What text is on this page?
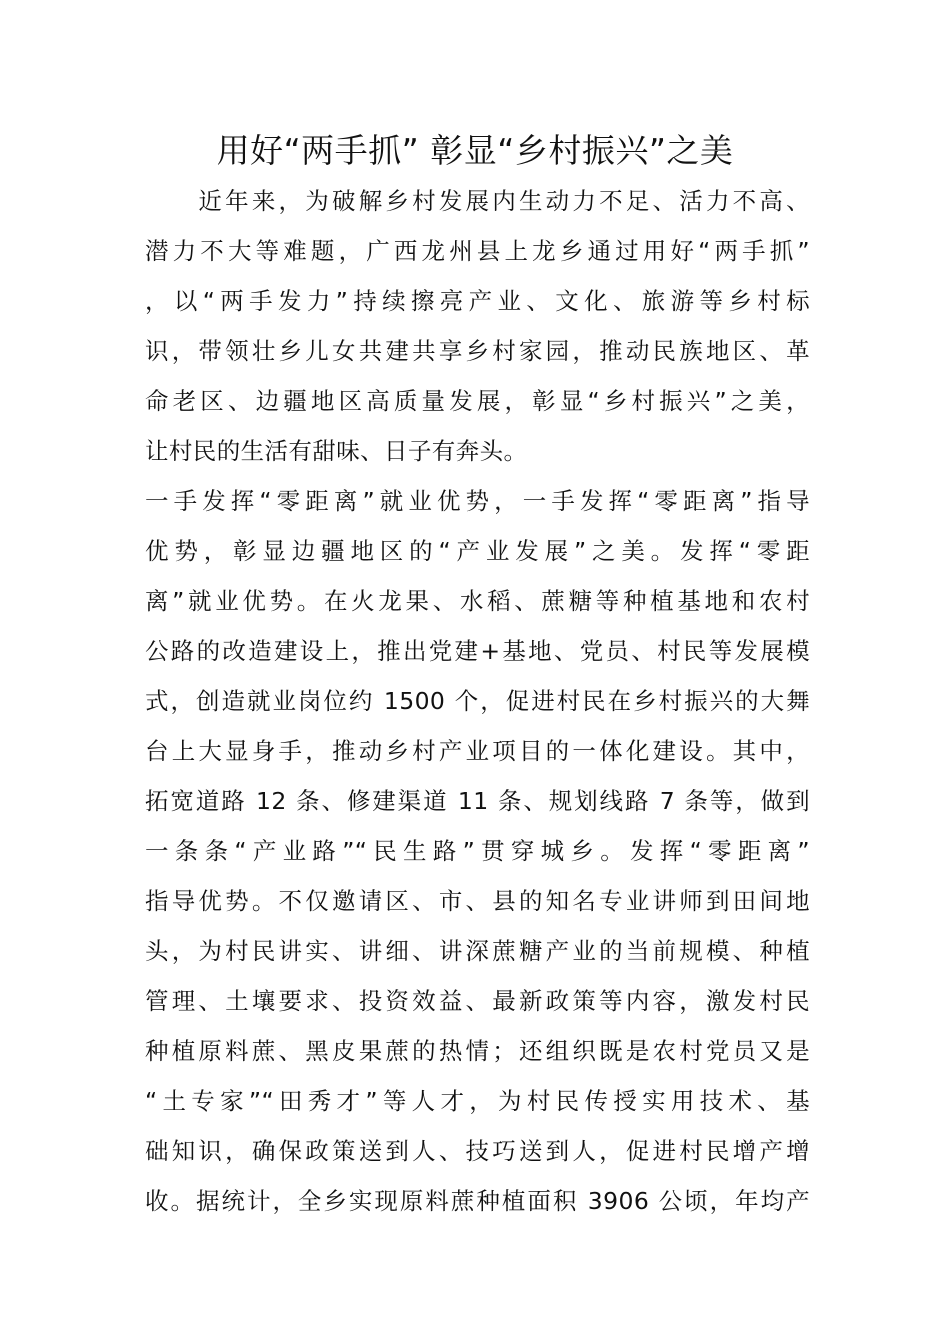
用好“两手抓” 彰显“乡村振兴”之美
　　近年来，为破解乡村发展内生动力不足、活力不高、
潜力不大等难题，广西龙州县上龙乡通过用好“两手抓”
，以“两手发力”持续擦亮产业、文化、旅游等乡村标
识，带领壮乡儿女共建共享乡村家园，推动民族地区、革
命老区、边疆地区高质量发展，彰显“乡村振兴”之美，
让村民的生活有甜味、日子有奔头。
一手发挥“零距离”就业优势，一手发挥“零距离”指导
优势，彰显边疆地区的“产业发展”之美。发挥“零距
离”就业优势。在火龙果、水稻、蔗糖等种植基地和农村
公路的改造建设上，推出党建+基地、党员、村民等发展模
式，创造就业岗位约 1500 个，促进村民在乡村振兴的大舞
台上大显身手，推动乡村产业项目的一体化建设。其中，
拓宽道路 12 条、修建渠道 11 条、规划线路 7 条等，做到
一条条“产业路”“民生路”贯穿城乡。发挥“零距离”
指导优势。不仅邀请区、市、县的知名专业讲师到田间地
头，为村民讲实、讲细、讲深蔗糖产业的当前规模、种植
管理、土壤要求、投资效益、最新政策等内容，激发村民
种植原料蔗、黑皮果蔗的热情；还组织既是农村党员又是
“土专家”“田秀才”等人才，为村民传授实用技术、基
础知识，确保政策送到人、技巧送到人，促进村民增产增
收。据统计，全乡实现原料蔗种植面积 3906 公顷，年均产
